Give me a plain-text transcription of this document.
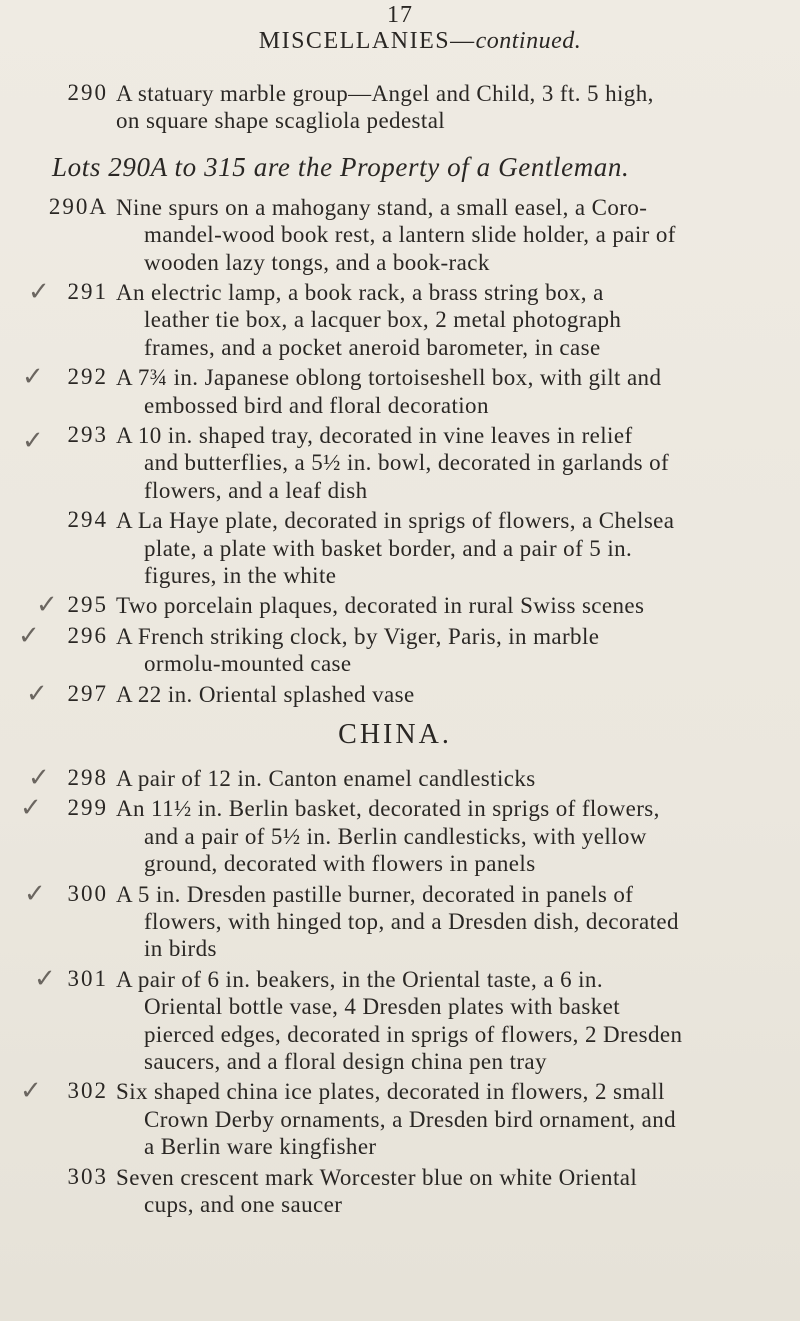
17
MISCELLANIES—continued.
290 A statuary marble group—Angel and Child, 3 ft. 5 high,
on square shape scagliola pedestal
Lots 290A to 315 are the Property of a Gentleman.
290A Nine spurs on a mahogany stand, a small easel, a Coro-
mandel-wood book rest, a lantern slide holder, a pair of
wooden lazy tongs, and a book-rack
✓ 291 An electric lamp, a book rack, a brass string box, a
leather tie box, a lacquer box, 2 metal photograph
frames, and a pocket aneroid barometer, in case
✓	292 A 7¾ in. Japanese oblong tortoiseshell box, with gilt and
embossed bird and floral decoration
✓	293 A 10 in. shaped tray, decorated in vine leaves in relief
and butterflies, a 5½ in. bowl, decorated in garlands of
flowers, and a leaf dish
294 A La Haye plate, decorated in sprigs of flowers, a Chelsea
plate, a plate with basket border, and a pair of 5 in.
figures, in the white
✓ 295 Two porcelain plaques, decorated in rural Swiss scenes
✓	296 A French striking clock, by Viger, Paris, in marble
ormolu-mounted case
✓ 297 A 22 in. Oriental splashed vase
CHINA.
✓ 298 A pair of 12 in. Canton enamel candlesticks
✓	299 An 11½ in. Berlin basket, decorated in sprigs of flowers,
and a pair of 5½ in. Berlin candlesticks, with yellow
ground, decorated with flowers in panels
✓ 300 A 5 in. Dresden pastille burner, decorated in panels of
flowers, with hinged top, and a Dresden dish, decorated
in birds
✓ 301 A pair of 6 in. beakers, in the Oriental taste, a 6 in.
Oriental bottle vase, 4 Dresden plates with basket
pierced edges, decorated in sprigs of flowers, 2 Dresden
saucers, and a floral design china pen tray
✓	302 Six shaped china ice plates, decorated in flowers, 2 small
Crown Derby ornaments, a Dresden bird ornament, and
a Berlin ware kingfisher
303 Seven crescent mark Worcester blue on white Oriental
cups, and one saucer
